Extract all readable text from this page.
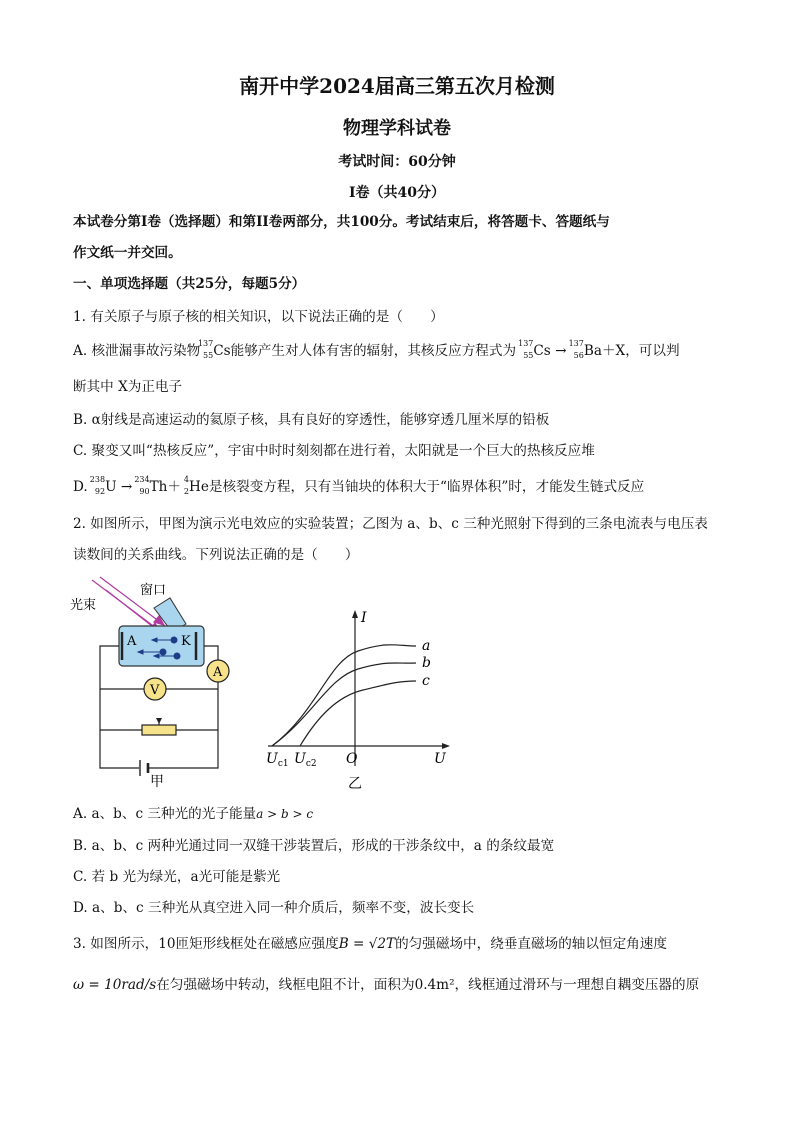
南开中学2024届高三第五次月检测
物理学科试卷
考试时间：60分钟
I卷（共40分）
本试卷分第I卷（选择题）和第II卷两部分，共100分。考试结束后，将答题卡、答题纸与
作文纸一并交回。
一、单项选择题（共25分，每题5分）
1. 有关原子与原子核的相关知识，以下说法正确的是（　　）
A. 核泄漏事故污染物
137
55 Cs能够产生对人体有害的辐射，其核反应方程式为 137
55 Cs →
137
56 Ba＋X，可以判
断其中 X为正电子
B. α射线是高速运动的氦原子核，具有良好的穿透性，能够穿透几厘米厚的铅板
C. 聚变又叫“热核反应”，宇宙中时时刻刻都在进行着，太阳就是一个巨大的热核反应堆
D. 238
92 U →
234
90 Th＋ 4
2 He是核裂变方程，只有当铀块的体积大于“临界体积”时，才能发生链式反应
2. 如图所示，甲图为演示光电效应的实验装置；乙图为 a、b、c 三种光照射下得到的三条电流表与电压表
读数间的关系曲线。下列说法正确的是（　　）
窗口
光束
A	K
A
V
甲
I
U
O
a
b
c
$U_{c1}$ $U_{c2}$
乙
A. a、b、c 三种光的光子能量a > b > c
B. a、b、c 两种光通过同一双缝干涉装置后，形成的干涉条纹中，a 的条纹最宽
C. 若 b 光为绿光，a光可能是紫光
D. a、b、c 三种光从真空进入同一种介质后，频率不变，波长变长
3. 如图所示，10匝矩形线框处在磁感应强度B = √2T的匀强磁场中，绕垂直磁场的轴以恒定角速度
ω = 10rad/s在匀强磁场中转动，线框电阻不计，面积为0.4m²，线框通过滑环与一理想自耦变压器的原
